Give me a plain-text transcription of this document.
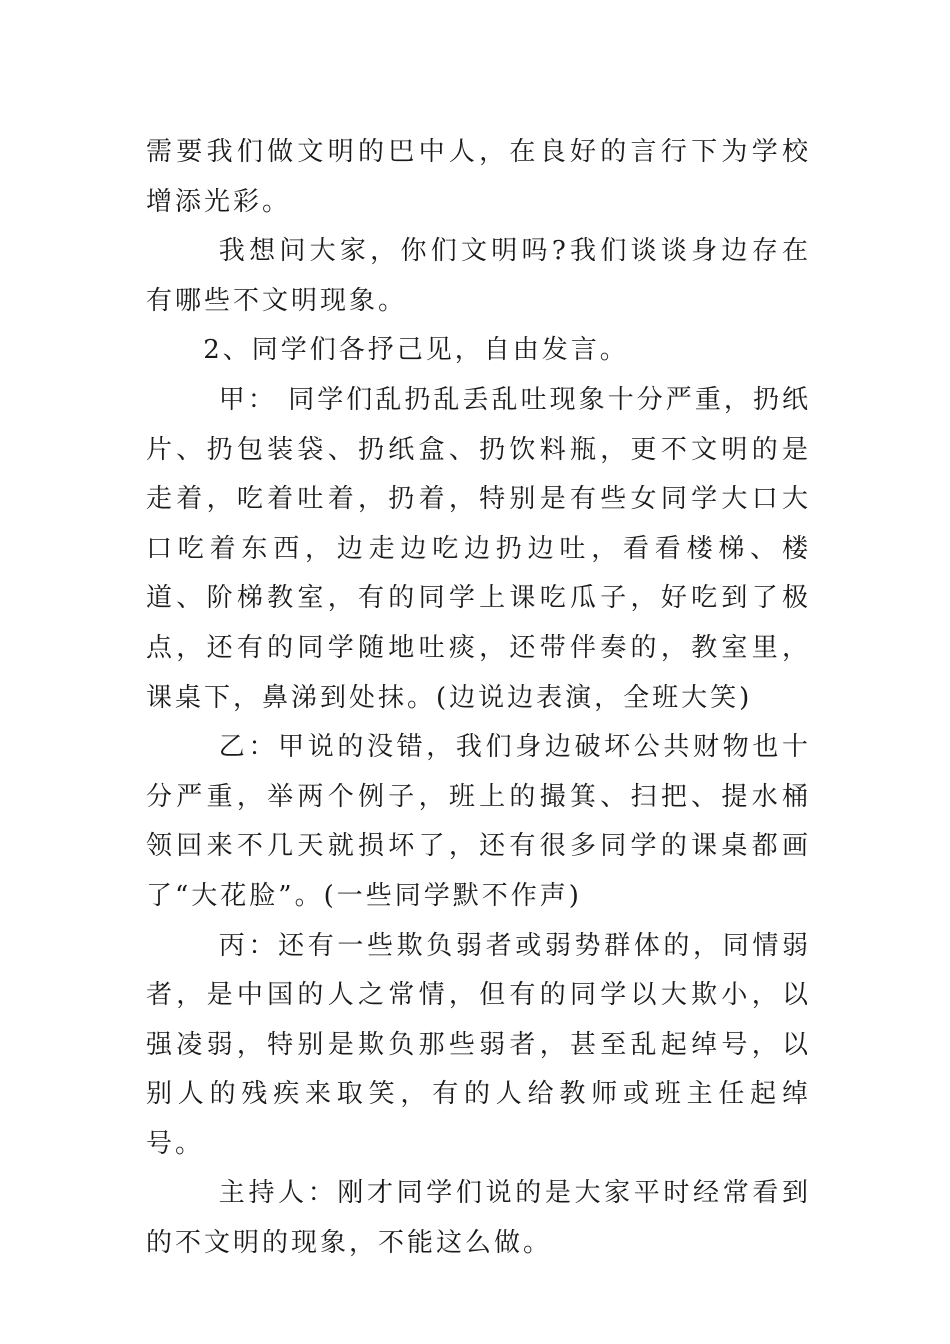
需要我们做文明的巴中人，在良好的言行下为学校增添光彩。

我想问大家，你们文明吗?我们谈谈身边存在有哪些不文明现象。

2、同学们各抒己见，自由发言。

甲： 同学们乱扔乱丢乱吐现象十分严重，扔纸片、扔包装袋、扔纸盒、扔饮料瓶，更不文明的是走着，吃着吐着，扔着，特别是有些女同学大口大口吃着东西，边走边吃边扔边吐，看看楼梯、楼道、阶梯教室，有的同学上课吃瓜子，好吃到了极点，还有的同学随地吐痰，还带伴奏的，教室里，课桌下，鼻涕到处抹。(边说边表演，全班大笑)

乙：甲说的没错，我们身边破坏公共财物也十分严重，举两个例子，班上的撮箕、扫把、提水桶领回来不几天就损坏了，还有很多同学的课桌都画了“大花脸”。(一些同学默不作声)

丙：还有一些欺负弱者或弱势群体的，同情弱者，是中国的人之常情，但有的同学以大欺小，以强凌弱，特别是欺负那些弱者，甚至乱起绰号，以别人的残疾来取笑，有的人给教师或班主任起绰号。

主持人：刚才同学们说的是大家平时经常看到的不文明的现象，不能这么做。
